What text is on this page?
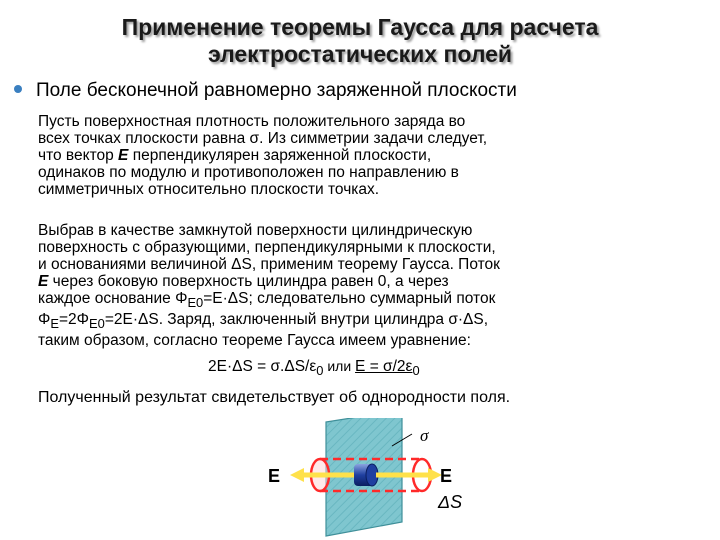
Применение теоремы Гаусса для расчета
электростатических полей
Поле бесконечной равномерно заряженной плоскости
Пусть поверхностная плотность положительного заряда во
всех точках плоскости равна σ. Из симметрии задачи следует,
что вектор E перпендикулярен заряженной плоскости,
одинаков по модулю и противоположен по направлению в
симметричных относительно плоскости точках.
Выбрав в качестве замкнутой поверхности цилиндрическую
поверхность с образующими, перпендикулярными к плоскости,
и основаниями величиной ΔS, применим теорему Гаусса. Поток
E через боковую поверхность цилиндра равен 0, а через
каждое основание $\Phi_{E0}=E\cdot\Delta S$; следовательно суммарный поток
$\Phi_E=2\Phi_{E0}=2E\cdot\Delta S$. Заряд, заключенный внутри цилиндра σ·ΔS,
таким образом, согласно теореме Гаусса имеем уравнение:
$2E\cdot\Delta S = \sigma.\Delta S/\varepsilon_0$ или $E = \sigma/2\varepsilon_0$
Полученный результат свидетельствует об однородности поля.
σ
E	E
ΔS
